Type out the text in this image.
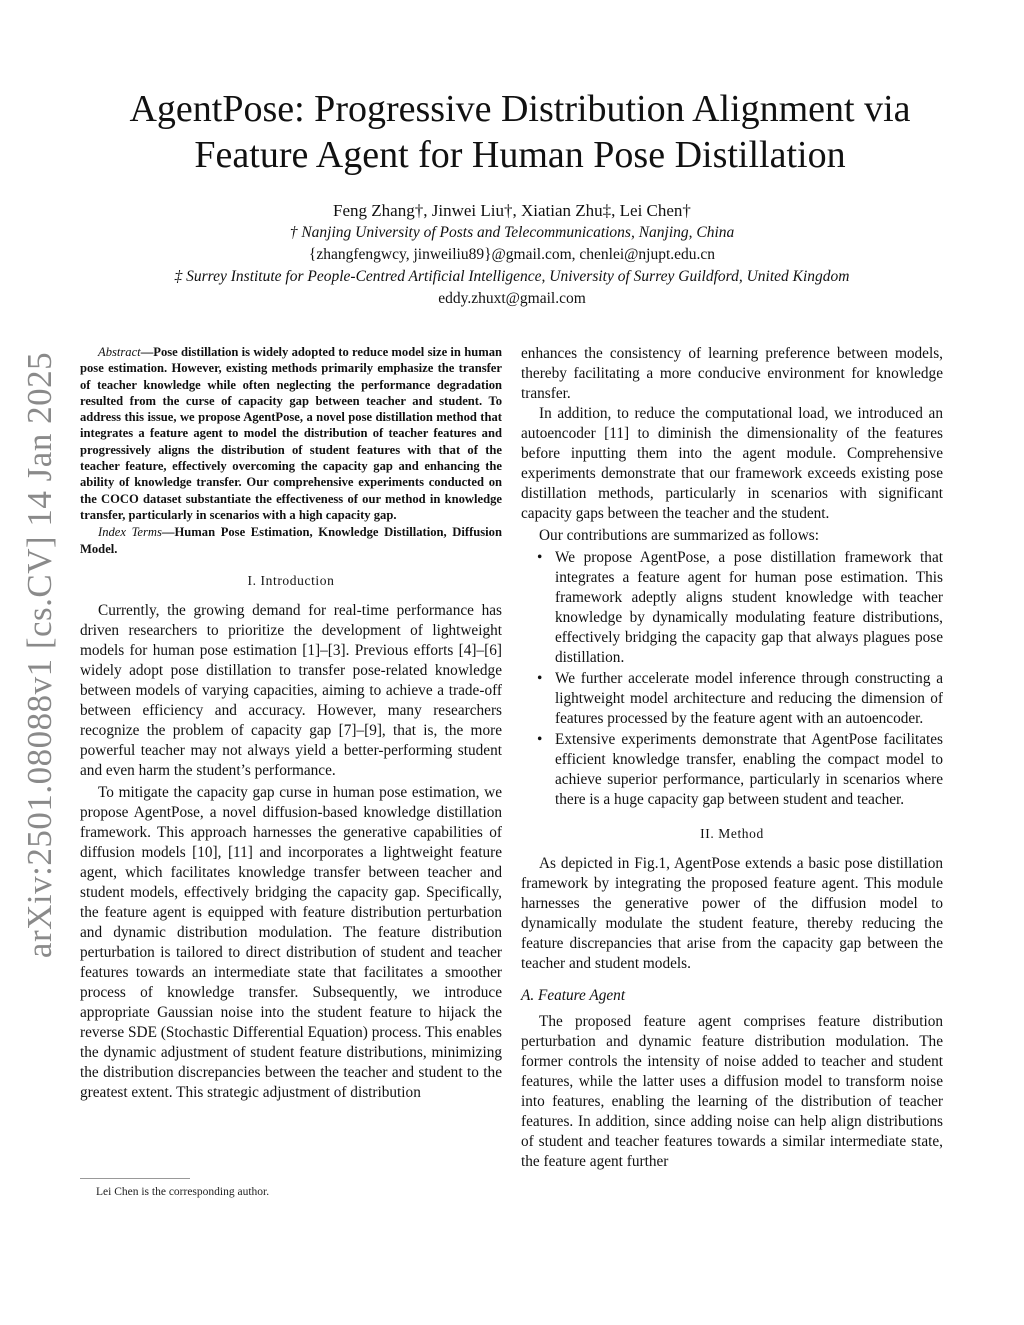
arXiv:2501.08088v1 [cs.CV] 14 Jan 2025
AgentPose: Progressive Distribution Alignment via
Feature Agent for Human Pose Distillation
Feng Zhang†, Jinwei Liu†, Xiatian Zhu‡, Lei Chen†
† Nanjing University of Posts and Telecommunications, Nanjing, China
{zhangfengwcy, jinweiliu89}@gmail.com, chenlei@njupt.edu.cn
‡ Surrey Institute for People-Centred Artificial Intelligence, University of Surrey Guildford, United Kingdom
eddy.zhuxt@gmail.com

Abstract—Pose distillation is widely adopted to reduce model size in human pose estimation. However, existing methods primarily emphasize the transfer of teacher knowledge while often neglecting the performance degradation resulted from the curse of capacity gap between teacher and student. To address this issue, we propose AgentPose, a novel pose distillation method that integrates a feature agent to model the distribution of teacher features and progressively aligns the distribution of student features with that of the teacher feature, effectively overcoming the capacity gap and enhancing the ability of knowledge transfer. Our comprehensive experiments conducted on the COCO dataset substantiate the effectiveness of our method in knowledge transfer, particularly in scenarios with a high capacity gap.

Index Terms—Human Pose Estimation, Knowledge Distillation, Diffusion Model.

I. Introduction

Currently, the growing demand for real-time performance has driven researchers to prioritize the development of lightweight models for human pose estimation [1]–[3]. Previous efforts [4]–[6] widely adopt pose distillation to transfer pose-related knowledge between models of varying capacities, aiming to achieve a trade-off between efficiency and accuracy. However, many researchers recognize the problem of capacity gap [7]–[9], that is, the more powerful teacher may not always yield a better-performing student and even harm the student’s performance.

To mitigate the capacity gap curse in human pose estimation, we propose AgentPose, a novel diffusion-based knowledge distillation framework. This approach harnesses the generative capabilities of diffusion models [10], [11] and incorporates a lightweight feature agent, which facilitates knowledge transfer between teacher and student models, effectively bridging the capacity gap. Specifically, the feature agent is equipped with feature distribution perturbation and dynamic distribution modulation. The feature distribution perturbation is tailored to direct distribution of student and teacher features towards an intermediate state that facilitates a smoother process of knowledge transfer. Subsequently, we introduce appropriate Gaussian noise into the student feature to hijack the reverse SDE (Stochastic Differential Equation) process. This enables the dynamic adjustment of student feature distributions, minimizing the distribution discrepancies between the teacher and student to the greatest extent. This strategic adjustment of distribution

enhances the consistency of learning preference between models, thereby facilitating a more conducive environment for knowledge transfer.

In addition, to reduce the computational load, we introduced an autoencoder [11] to diminish the dimensionality of the features before inputting them into the agent module. Comprehensive experiments demonstrate that our framework exceeds existing pose distillation methods, particularly in scenarios with significant capacity gaps between the teacher and the student.

Our contributions are summarized as follows:

• We propose AgentPose, a pose distillation framework that integrates a feature agent for human pose estimation. This framework adeptly aligns student knowledge with teacher knowledge by dynamically modulating feature distributions, effectively bridging the capacity gap that always plagues pose distillation.
• We further accelerate model inference through constructing a lightweight model architecture and reducing the dimension of features processed by the feature agent with an autoencoder.
• Extensive experiments demonstrate that AgentPose facilitates efficient knowledge transfer, enabling the compact model to achieve superior performance, particularly in scenarios where there is a huge capacity gap between student and teacher.

II. Method

As depicted in Fig.1, AgentPose extends a basic pose distillation framework by integrating the proposed feature agent. This module harnesses the generative power of the diffusion model to dynamically modulate the student feature, thereby reducing the feature discrepancies that arise from the capacity gap between the teacher and student models.

A. Feature Agent

The proposed feature agent comprises feature distribution perturbation and dynamic feature distribution modulation. The former controls the intensity of noise added to teacher and student features, while the latter uses a diffusion model to transform noise into features, enabling the learning of the distribution of teacher features. In addition, since adding noise can help align distributions of student and teacher features towards a similar intermediate state, the feature agent further

Lei Chen is the corresponding author.
